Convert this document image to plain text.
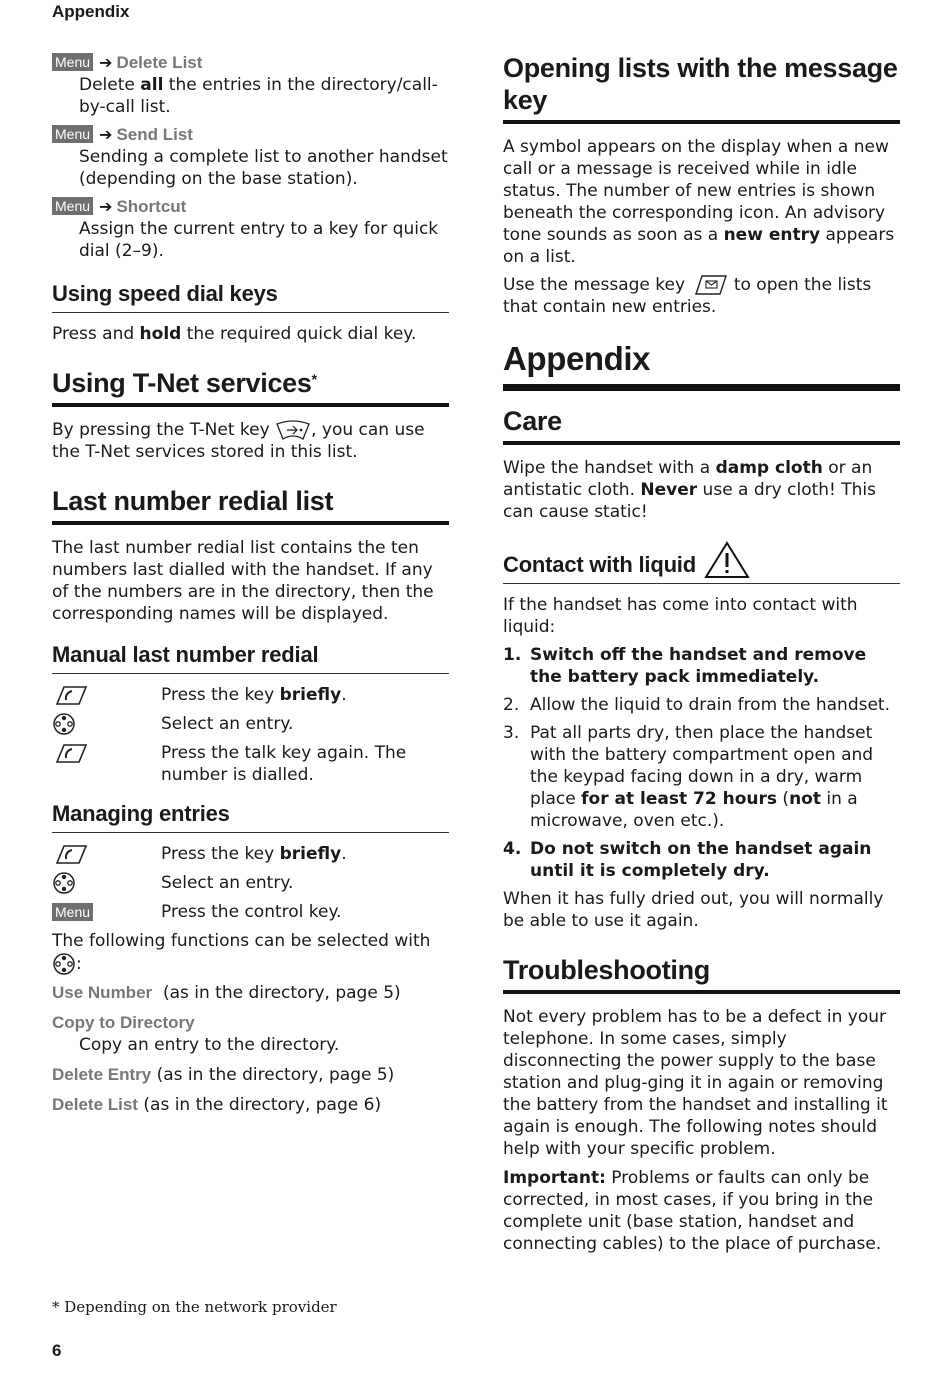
Appendix
Menu ➔ Delete List

Delete all the entries in the directory/call-by-call list.

Menu ➔ Send List

Sending a complete list to another handset (depending on the base station).

Menu ➔ Shortcut

Assign the current entry to a key for quick dial (2–9).

Using speed dial keys

Press and hold the required quick dial key.

Using T-Net services*

By pressing the T-Net key , you can use the T-Net services stored in this list.

Last number redial list

The last number redial list contains the ten numbers last dialled with the handset. If any of the numbers are in the directory, then the corresponding names will be displayed.

Manual last number redial
Press the key briefly.
Select an entry.
Press the talk key again. The number is dialled.
Managing entries
Press the key briefly.
Select an entry.
Menu	Press the control key.

The following functions can be selected with :

Use Number (as in the directory, page 5)

Copy to Directory

Copy an entry to the directory.

Delete Entry (as in the directory, page 5)

Delete List (as in the directory, page 6)

Opening lists with the message key

A symbol appears on the display when a new call or a message is received while in idle status. The number of new entries is shown beneath the corresponding icon. An advisory tone sounds as soon as a new entry appears on a list.

Use the message key  to open the lists that contain new entries.

Appendix
Care

Wipe the handset with a damp cloth or an antistatic cloth. Never use a dry cloth! This can cause static!

Contact with liquid

If the handset has come into contact with liquid:

1. Switch off the handset and remove the battery pack immediately.
2. Allow the liquid to drain from the handset.
3. Pat all parts dry, then place the handset with the battery compartment open and the keypad facing down in a dry, warm place for at least 72 hours (not in a microwave, oven etc.).
4. Do not switch on the handset again until it is completely dry.

When it has fully dried out, you will normally be able to use it again.

Troubleshooting

Not every problem has to be a defect in your telephone. In some cases, simply disconnecting the power supply to the base station and plug-ging it in again or removing the battery from the handset and installing it again is enough. The following notes should help with your specific problem.

Important: Problems or faults can only be corrected, in most cases, if you bring in the complete unit (base station, handset and connecting cables) to the place of purchase.

* Depending on the network provider
6
